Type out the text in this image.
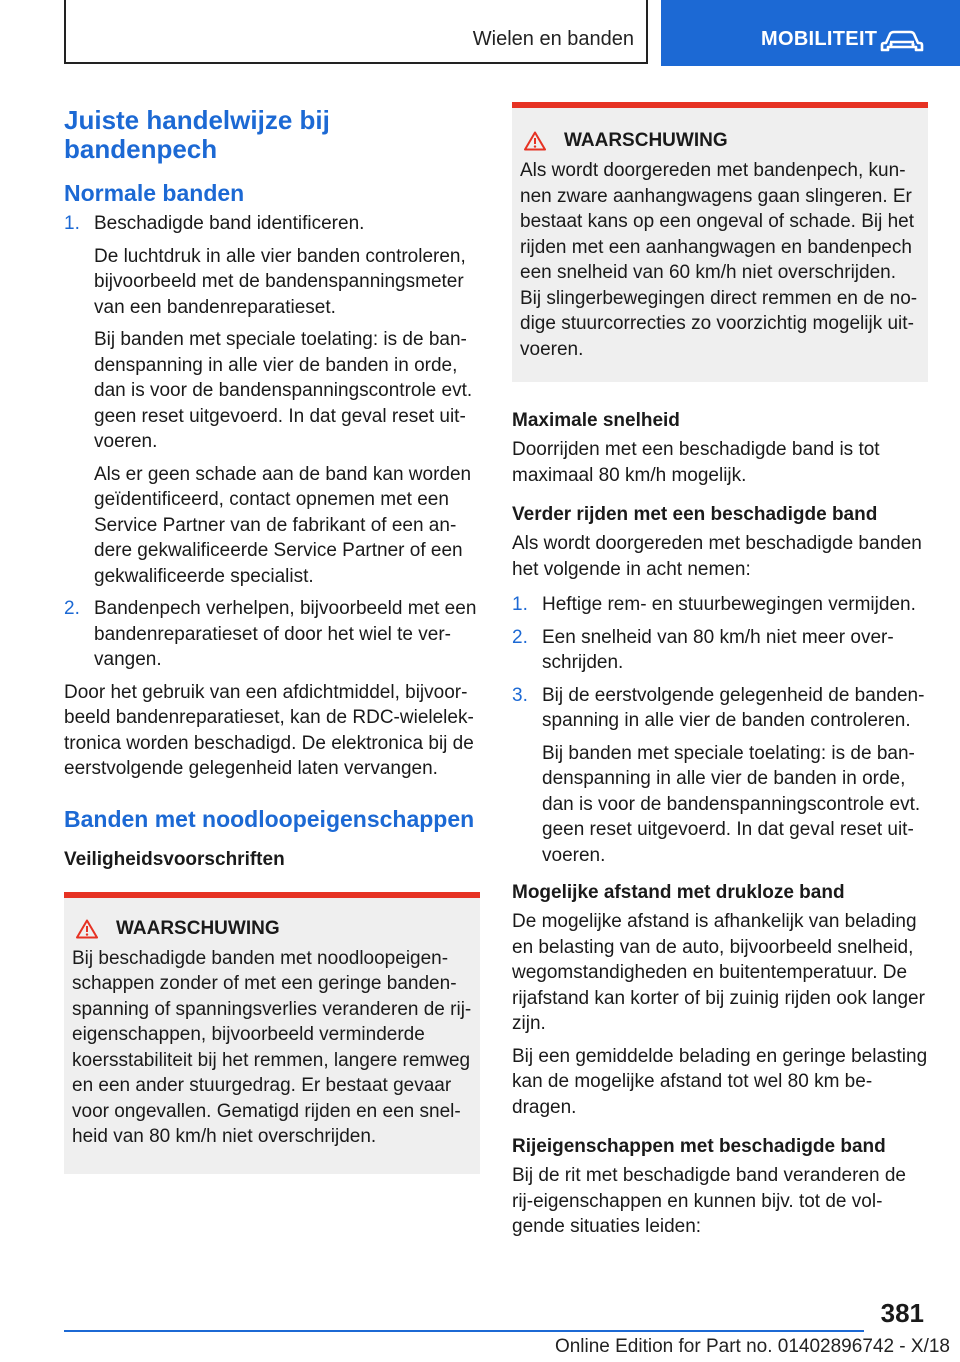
Wielen en banden	MOBILITEIT
Juiste handelwijze bij bandenpech
Normale banden
1. Beschadigde band identificeren.

De luchtdruk in alle vier banden controleren, bijvoorbeeld met de bandenspanningsmeter van een bandenreparatieset.

Bij banden met speciale toelating: is de bandenspanning in alle vier de banden in orde, dan is voor de bandenspanningscontrole evt. geen reset uitgevoerd. In dat geval reset uitvoeren.

Als er geen schade aan de band kan worden geïdentificeerd, contact opnemen met een Service Partner van de fabrikant of een andere gekwalificeerde Service Partner of een gekwalificeerde specialist.

2. Bandenpech verhelpen, bijvoorbeeld met een bandenreparatieset of door het wiel te vervangen.

Door het gebruik van een afdichtmiddel, bijvoorbeeld bandenreparatieset, kan de RDC-wielelektronica worden beschadigd. De elektronica bij de eerstvolgende gelegenheid laten vervangen.

Banden met noodloopeigenschappen
Veiligheidsvoorschriften
WAARSCHUWING

Bij beschadigde banden met noodloopeigenschappen zonder of met een geringe bandenspanning of spanningsverlies veranderen de rijeigenschappen, bijvoorbeeld verminderde koersstabiliteit bij het remmen, langere remweg en een ander stuurgedrag. Er bestaat gevaar voor ongevallen. Gematigd rijden en een snelheid van 80 km/h niet overschrijden.

WAARSCHUWING

Als wordt doorgereden met bandenpech, kunnen zware aanhangwagens gaan slingeren. Er bestaat kans op een ongeval of schade. Bij het rijden met een aanhangwagen en bandenpech een snelheid van 60 km/h niet overschrijden. Bij slingerbewegingen direct remmen en de nodige stuurcorrecties zo voorzichtig mogelijk uitvoeren.

Maximale snelheid

Doorrijden met een beschadigde band is tot maximaal 80 km/h mogelijk.

Verder rijden met een beschadigde band

Als wordt doorgereden met beschadigde banden het volgende in acht nemen:

1. Heftige rem- en stuurbewegingen vermijden.

2. Een snelheid van 80 km/h niet meer overschrijden.

3. Bij de eerstvolgende gelegenheid de bandenspanning in alle vier de banden controleren.

Bij banden met speciale toelating: is de bandenspanning in alle vier de banden in orde, dan is voor de bandenspanningscontrole evt. geen reset uitgevoerd. In dat geval reset uitvoeren.

Mogelijke afstand met drukloze band

De mogelijke afstand is afhankelijk van belading en belasting van de auto, bijvoorbeeld snelheid, wegomstandigheden en buitentemperatuur. De rijafstand kan korter of bij zuinig rijden ook langer zijn.

Bij een gemiddelde belading en geringe belasting kan de mogelijke afstand tot wel 80 km bedragen.

Rijeigenschappen met beschadigde band

Bij de rit met beschadigde band veranderen de rij-eigenschappen en kunnen bijv. tot de volgende situaties leiden:

381
Online Edition for Part no. 01402896742 - X/18
